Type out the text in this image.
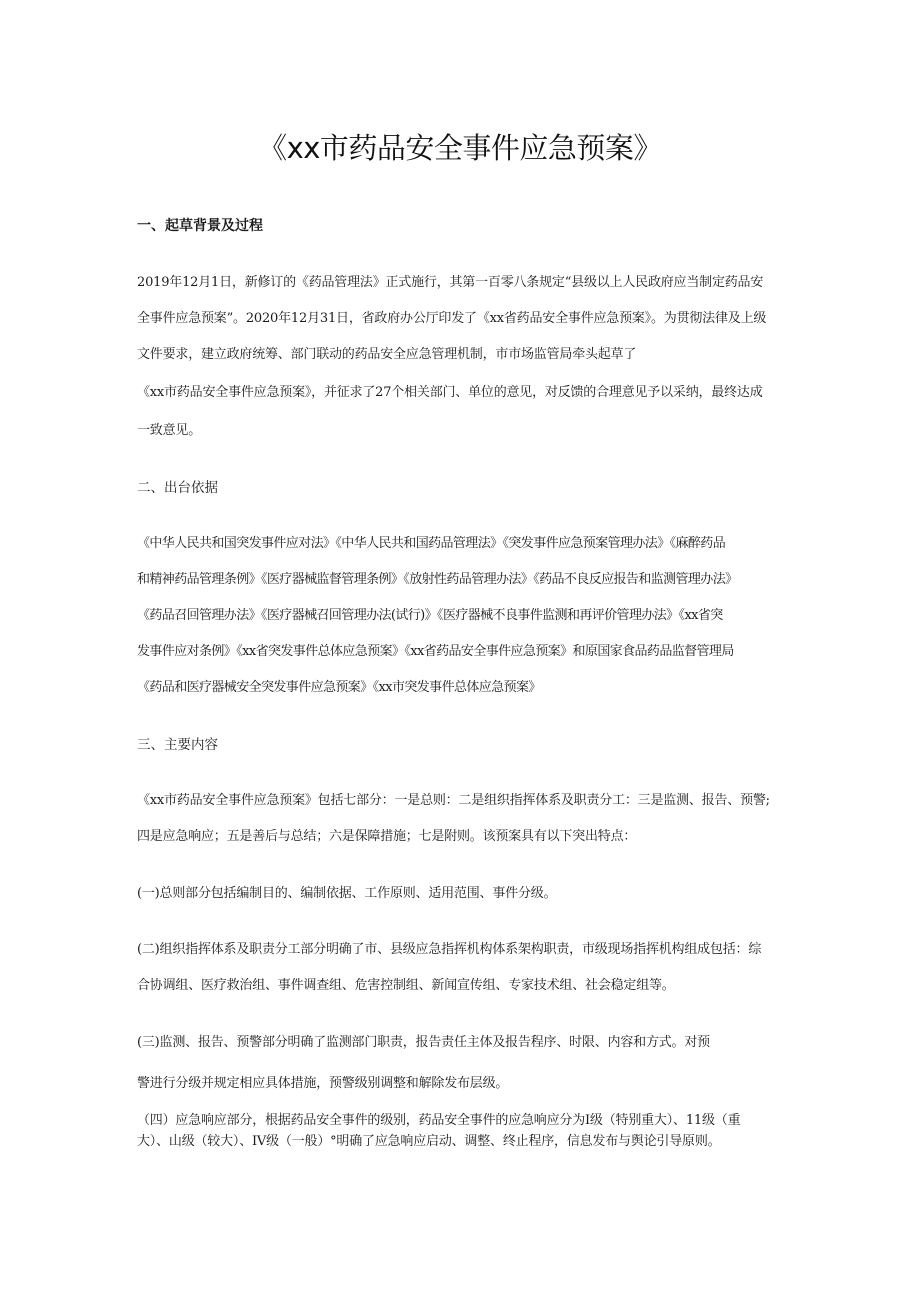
《xx市药品安全事件应急预案》
一、起草背景及过程
2019年12月1日，新修订的《药品管理法》正式施行，其第一百零八条规定“县级以上人民政府应当制定药品安
全事件应急预案”。2020年12月31日，省政府办公厅印发了《xx省药品安全事件应急预案》。为贯彻法律及上级
文件要求，建立政府统筹、部门联动的药品安全应急管理机制，市市场监管局牵头起草了
《xx市药品安全事件应急预案》，并征求了27个相关部门、单位的意见，对反馈的合理意见予以采纳，最终达成
一致意见。
二、出台依据
《中华人民共和国突发事件应对法》《中华人民共和国药品管理法》《突发事件应急预案管理办法》《麻醉药品
和精神药品管理条例》《医疗器械监督管理条例》《放射性药品管理办法》《药品不良反应报告和监测管理办法》
《药品召回管理办法》《医疗器械召回管理办法(试行)》《医疗器械不良事件监测和再评价管理办法》《xx省突
发事件应对条例》《xx省突发事件总体应急预案》《xx省药品安全事件应急预案》和原国家食品药品监督管理局
《药品和医疗器械安全突发事件应急预案》《xx市突发事件总体应急预案》
三、主要内容
《xx市药品安全事件应急预案》包括七部分：一是总则：二是组织指挥体系及职责分工：三是监测、报告、预警;
四是应急响应；五是善后与总结；六是保障措施；七是附则。该预案具有以下突出特点：
(一)总则部分包括编制目的、编制依据、工作原则、适用范围、事件分级。
(二)组织指挥体系及职责分工部分明确了市、县级应急指挥机构体系架构职责，市级现场指挥机构组成包括：综
合协调组、医疗救治组、事件调查组、危害控制组、新闻宣传组、专家技术组、社会稳定组等。
(三)监测、报告、预警部分明确了监测部门职责，报告责任主体及报告程序、时限、内容和方式。对预
警进行分级并规定相应具体措施，预警级别调整和解除发布层级。
（四）应急响应部分，根据药品安全事件的级别，药品安全事件的应急响应分为I级（特别重大）、11级（重
大）、山级（较大）、IV级（一般）°明确了应急响应启动、调整、终止程序，信息发布与舆论引导原则。
